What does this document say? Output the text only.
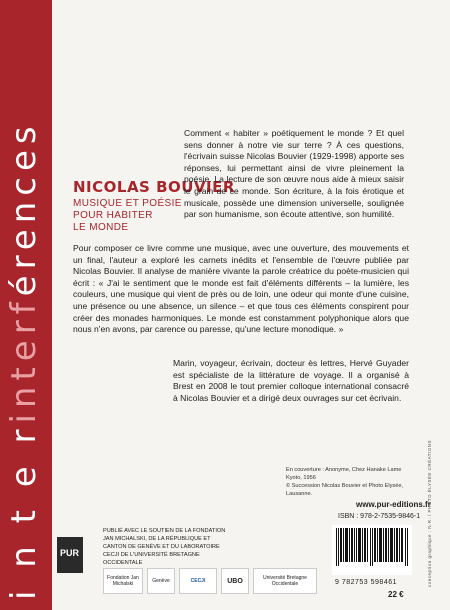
i n t e rinterférences NICOLAS BOUVIER
MUSIQUE ET POÉSIE
POUR HABITER
LE MONDE
Comment « habiter » poétiquement le monde ? Et quel sens donner à notre vie sur terre ? À ces questions, l'écrivain suisse Nicolas Bouvier (1929-1998) apporte ses réponses, lui permettant ainsi de vivre pleinement la poésie. La lecture de son œuvre nous aide à mieux saisir le grain de ce monde. Son écriture, à la fois érotique et musicale, possède une dimension universelle, soulignée par son humanisme, son écoute attentive, son humilité.
Pour composer ce livre comme une musique, avec une ouverture, des mouvements et un final, l'auteur a exploré les carnets inédits et l'ensemble de l'œuvre publiée par Nicolas Bouvier. Il analyse de manière vivante la parole créatrice du poète-musicien qui écrit : « J'ai le sentiment que le monde est fait d'éléments différents – la lumière, les couleurs, une musique qui vient de près ou de loin, une odeur qui monte d'une cuisine, une présence ou une absence, un silence – et que tous ces éléments conspirent pour créer des monades harmoniques. Le monde est constamment polyphonique alors que nous n'en avons, par carence ou paresse, qu'une lecture monodique. »
Marin, voyageur, écrivain, docteur ès lettres, Hervé Guyader est spécialiste de la littérature de voyage. Il a organisé à Brest en 2008 le tout premier colloque international consacré à Nicolas Bouvier et a dirigé deux ouvrages sur cet écrivain.
En couverture : Anonyme, Chez Hanake Lame Kyoto, 1956
© Succession Nicolas Bouvier et Photo Elysée, Lausanne.
www.pur-editions.fr
ISBN : 978-2-7535-9846-1
9 782753 598461
22 €
conception graphique : N.R. / PHOTO ÉLYSÉE CRÉATIONS
PUR
PUBLIÉ AVEC LE SOUTIEN DE LA FONDATION JAN MICHALSKI, DE LA RÉPUBLIQUE ET CANTON DE GENÈVE ET DU LABORATOIRE CECJI DE L'UNIVERSITÉ BRETAGNE OCCIDENTALE
Fondation Jan Michalski	Genève	CECJI	UBO	Université Bretagne Occidentale
